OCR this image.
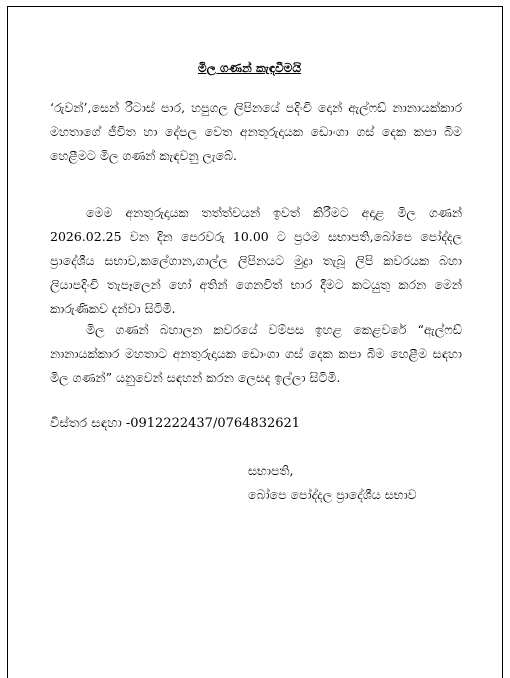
මිල ගණන් කැඳවීමයි

‘රුවන්’,සෙන් රීටාස් පාර, හපුගල ලිපිනයේ පදිංචි දොන් ඇල්ෆඩ් නානායක්කාර මහතාගේ ජීවිත හා දේපල වෙත අනතුරුදායක ඩොංගා ගස් දෙක කපා බිම හෙළීමට මිල ගණන් කැඳවනු ලැබේ.

මෙම අනතුරුදායක තත්ත්වයන් ඉවත් කිරීමට අදාළ මිල ගණන් 2026.02.25 වන දින පෙරවරු 10.00 ට ප්‍රථම සභාපති,බෝපෙ පෝද්දල ප්‍රාදේශීය සභාව,කලේගාන,ගාල්ල ලිපිනයට මුද්‍රා තැබූ ලිපි කවරයක බහා ලියාපදිංචි තැපෑලෙන් හෝ අතින් ගෙනවිත් භාර දීමට කටයුතු කරන මෙන් කාරුණිකව දන්වා සිටිමි.

මිල ගණන් බහාලන කවරයේ වම්පස ඉහළ කෙළවරේ “ඇල්ෆඩ් නානායක්කාර මහතාට අනතුරුදායක ඩොංගා ගස් දෙක කපා බිම හෙළීම සඳහා මිල ගණන්” යනුවෙන් සඳහන් කරන ලෙසද ඉල්ලා සිටිමි.

විස්තර සඳහා -0912222437/0764832621
සභාපති,
බෝපෙ පෝද්දල ප්‍රාදේශීය සභාව
